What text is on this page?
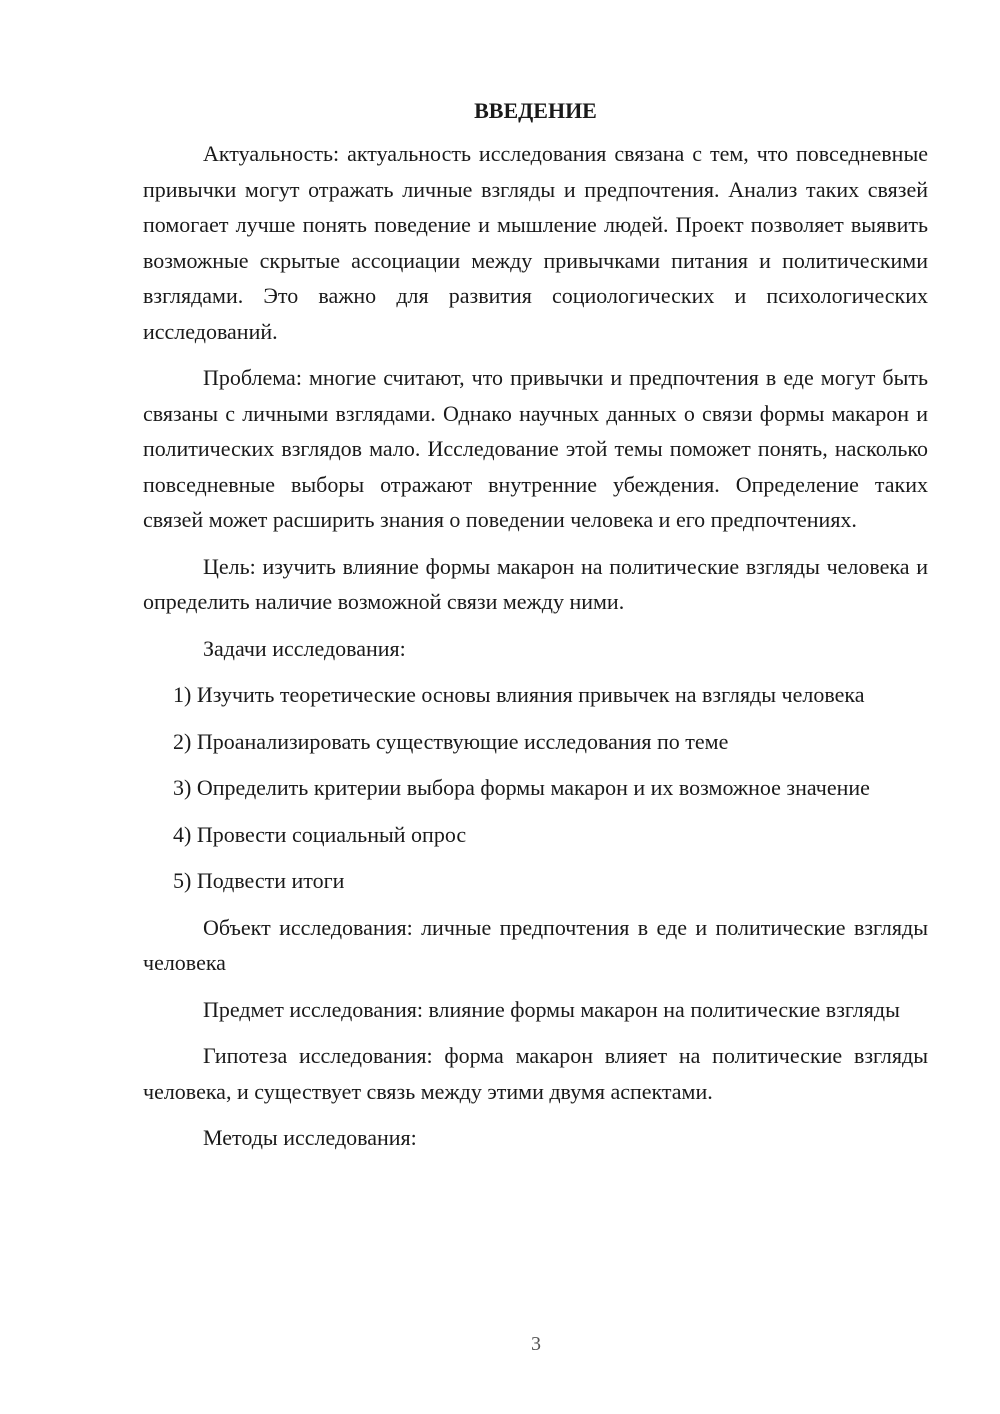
ВВЕДЕНИЕ

Актуальность: актуальность исследования связана с тем, что повседневные привычки могут отражать личные взгляды и предпочтения. Анализ таких связей помогает лучше понять поведение и мышление людей. Проект позволяет выявить возможные скрытые ассоциации между привычками питания и политическими взглядами. Это важно для развития социологических и психологических исследований.

Проблема: многие считают, что привычки и предпочтения в еде могут быть связаны с личными взглядами. Однако научных данных о связи формы макарон и политических взглядов мало. Исследование этой темы поможет понять, насколько повседневные выборы отражают внутренние убеждения. Определение таких связей может расширить знания о поведении человека и его предпочтениях.

Цель: изучить влияние формы макарон на политические взгляды человека и определить наличие возможной связи между ними.

Задачи исследования:

1) Изучить теоретические основы влияния привычек на взгляды человека

2) Проанализировать существующие исследования по теме

3) Определить критерии выбора формы макарон и их возможное значение

4) Провести социальный опрос

5) Подвести итоги

Объект исследования: личные предпочтения в еде и политические взгляды человека

Предмет исследования: влияние формы макарон на политические взгляды

Гипотеза исследования: форма макарон влияет на политические взгляды человека, и существует связь между этими двумя аспектами.

Методы исследования:

3
